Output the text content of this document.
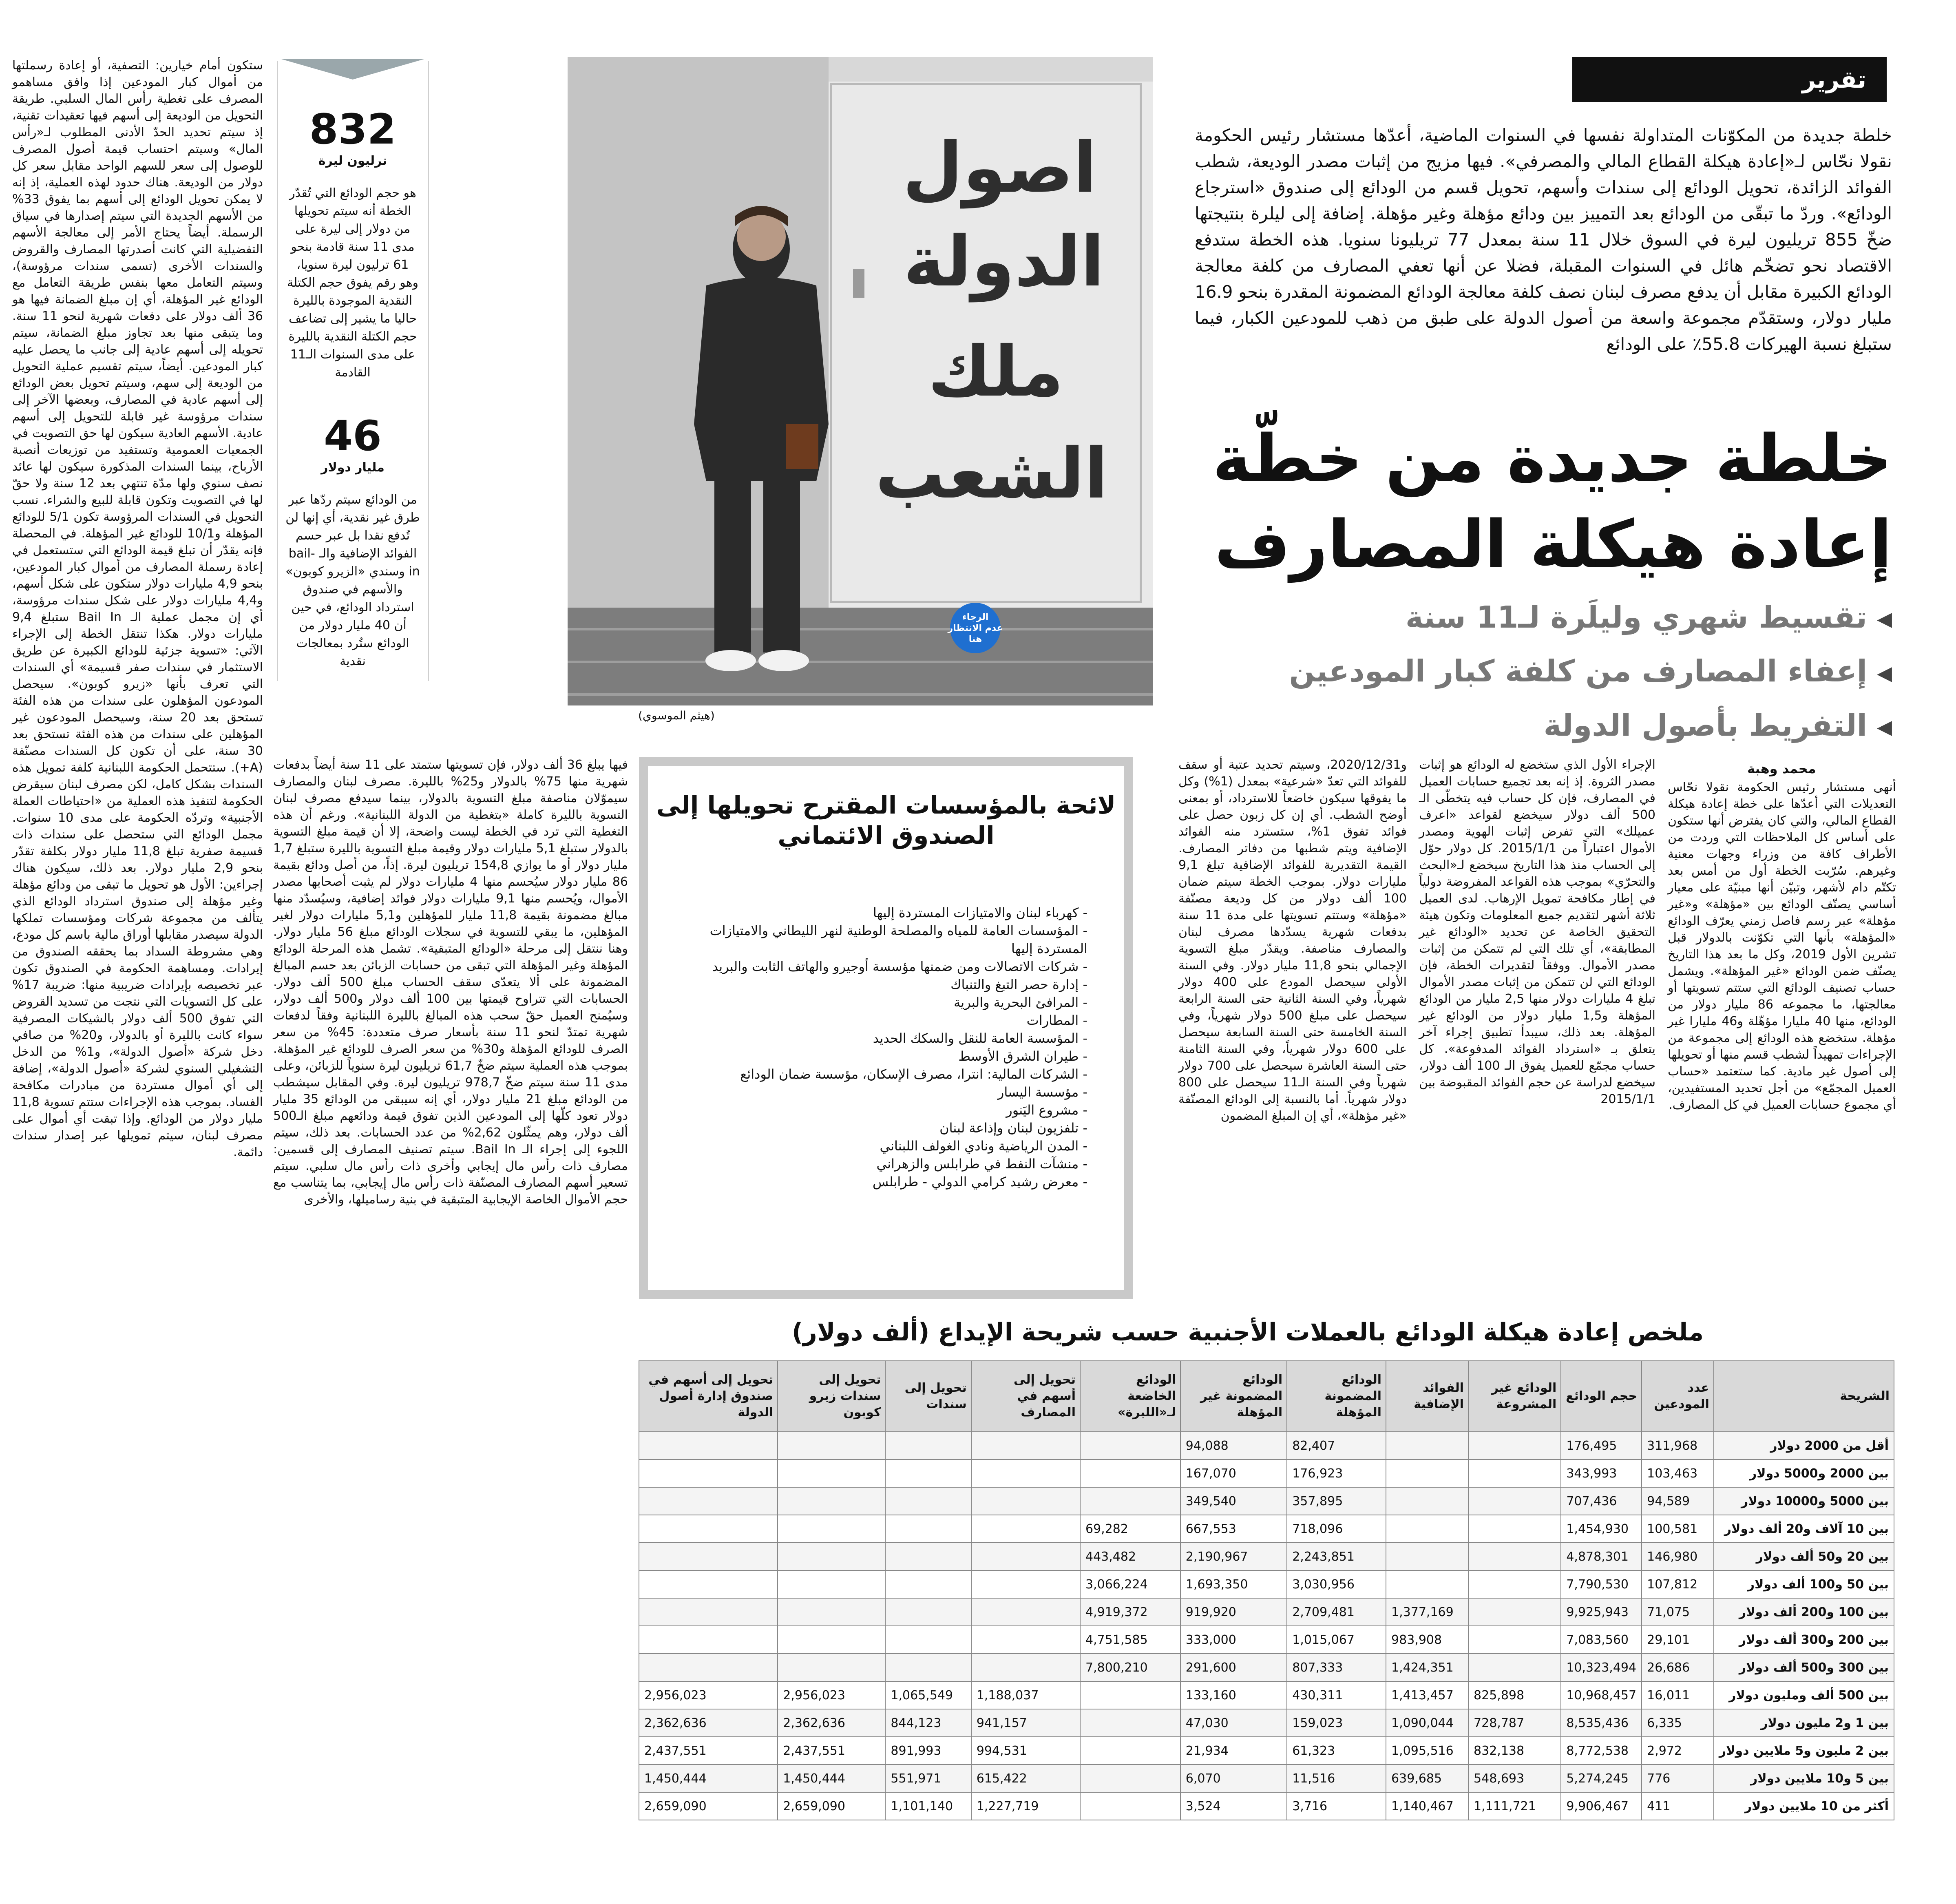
تقرير
خلطة جديدة من المكوّنات المتداولة نفسها في السنوات الماضية، أعدّها مستشار رئيس الحكومة نقولا نحّاس لـ«إعادة هيكلة القطاع المالي والمصرفي». فيها مزيج من إثبات مصدر الوديعة، شطب الفوائد الزائدة، تحويل الودائع إلى سندات وأسهم، تحويل قسم من الودائع إلى صندوق «استرجاع الودائع». وردّ ما تبقّى من الودائع بعد التمييز بين ودائع مؤهلة وغير مؤهلة. إضافة إلى ليلرة بنتيجتها ضخّ 855 تريليون ليرة في السوق خلال 11 سنة بمعدل 77 تريليونا سنويا. هذه الخطة ستدفع الاقتصاد نحو تضخّم هائل في السنوات المقبلة، فضلا عن أنها تعفي المصارف من كلفة معالجة الودائع الكبيرة مقابل أن يدفع مصرف لبنان نصف كلفة معالجة الودائع المضمونة المقدرة بنحو 16.9 مليار دولار، وستقدّم مجموعة واسعة من أصول الدولة على طبق من ذهب للمودعين الكبار، فيما ستبلغ نسبة الهيركات 55.8٪ على الودائع
خلطة جديدة من خطّة
إعادة هيكلة المصارف
◀تقسيط شهري وليلَرة لـ11 سنة
◀إعفاء المصارف من كلفة كبار المودعين
◀التفريط بأصول الدولة
اصول
الدولة
ملك
الشعب
الرجاء
عدم الانتظار
هنا
(هيثم الموسوي)
832
ترليون ليرة
هو حجم الودائع التي تُقدّر الخطة أنه سيتم تحويلها من دولار إلى ليرة على مدى 11 سنة قادمة بنحو 61 ترليون ليرة سنويا، وهو رقم يفوق حجم الكتلة النقدية الموجودة بالليرة حاليا ما يشير إلى تضاعف حجم الكتلة النقدية بالليرة على مدى السنوات الـ11 القادمة
46
مليار دولار
من الودائع سيتم ردّها عبر طرق غير نقدية، أي إنها لن تُدفع نقدا بل عبر حسم الفوائد الإضافية والـ bail-in وسندي «الزيرو كوبون» والأسهم في صندوق استرداد الودائع، في حين أن 40 مليار دولار من الودائع ستُرد بمعالجات نقدية
ستكون أمام خيارين: التصفية، أو إعادة رسملتها من أموال كبار المودعين إذا وافق مساهمو المصرف على تغطية رأس المال السلبي. طريقة التحويل من الوديعة إلى أسهم فيها تعقيدات تقنية، إذ سيتم تحديد الحدّ الأدنى المطلوب لـ«رأس المال» وسيتم احتساب قيمة أصول المصرف للوصول إلى سعر للسهم الواحد مقابل سعر كل دولار من الوديعة. هناك حدود لهذه العملية، إذ إنه لا يمكن تحويل الودائع إلى أسهم بما يفوق 33% من الأسهم الجديدة التي سيتم إصدارها في سياق الرسملة. أيضاً يحتاج الأمر إلى معالجة الأسهم التفضيلية التي كانت أصدرتها المصارف والقروض والسندات الأخرى (تسمى سندات مرؤوسة)، وسيتم التعامل معها بنفس طريقة التعامل مع الودائع غير المؤهلة، أي إن مبلغ الضمانة فيها هو 36 ألف دولار على دفعات شهرية لنحو 11 سنة. وما يتبقى منها بعد تجاوز مبلغ الضمانة، سيتم تحويله إلى أسهم عادية إلى جانب ما يحصل عليه كبار المودعين. أيضاً، سيتم تقسيم عملية التحويل من الوديعة إلى سهم، وسيتم تحويل بعض الودائع إلى أسهم عادية في المصارف، وبعضها الآخر إلى سندات مرؤوسة غير قابلة للتحويل إلى أسهم عادية. الأسهم العادية سيكون لها حق التصويت في الجمعيات العمومية وتستفيد من توزيعات أنصبة الأرباح، بينما السندات المذكورة سيكون لها عائد نصف سنوي ولها مدّة تنتهي بعد 12 سنة ولا حقّ لها في التصويت وتكون قابلة للبيع والشراء. نسب التحويل في السندات المرؤوسة تكون 5/1 للودائع المؤهلة و10/1 للودائع غير المؤهلة. في المحصلة فإنه يقدّر أن تبلغ قيمة الودائع التي ستستعمل في إعادة رسملة المصارف من أموال كبار المودعين، بنحو 4,9 مليارات دولار ستكون على شكل أسهم، و4,4 مليارات دولار على شكل سندات مرؤوسة، أي إن مجمل عملية الـ Bail In ستبلغ 9,4 مليارات دولار. هكذا تنتقل الخطة إلى الإجراء الآتي: «تسوية جزئية للودائع الكبيرة عن طريق الاستثمار في سندات صفر قسيمة» أي السندات التي تعرف بأنها «زيرو كوبون». سيحصل المودعون المؤهلون على سندات من هذه الفئة تستحق بعد 20 سنة، وسيحصل المودعون غير المؤهلين على سندات من هذه الفئة تستحق بعد 30 سنة، على أن تكون كل السندات مصنّفة (A+). ستتحمل الحكومة اللبنانية كلفة تمويل هذه السندات بشكل كامل، لكن مصرف لبنان سيقرض الحكومة لتنفيذ هذه العملية من «احتياطات العملة الأجنبية» وتردّه الحكومة على مدى 10 سنوات. مجمل الودائع التي ستحصل على سندات ذات قسيمة صفرية تبلغ 11,8 مليار دولار بكلفة تقدّر بنحو 2,9 مليار دولار. بعد ذلك، سيكون هناك إجراءين: الأول هو تحويل ما تبقى من ودائع مؤهلة وغير مؤهلة إلى صندوق استرداد الودائع الذي يتألف من مجموعة شركات ومؤسسات تملكها الدولة سيصدر مقابلها أوراق مالية باسم كل مودع، وهي مشروطة السداد بما يحققه الصندوق من إيرادات. ومساهمة الحكومة في الصندوق تكون عبر تخصيصه بإيرادات ضريبية منها: ضريبة 17% على كل التسويات التي نتجت من تسديد القروض التي تفوق 500 ألف دولار بالشيكات المصرفية سواء كانت بالليرة أو بالدولار، و20% من صافي دخل شركة «أصول الدولة»، و1% من الدخل التشغيلي السنوي لشركة «أصول الدولة»، إضافة إلى أي أموال مستردة من مبادرات مكافحة الفساد. بموجب هذه الإجراءات ستتم تسوية 11,8 مليار دولار من الودائع. وإذا تبقت أي أموال على مصرف لبنان، سيتم تمويلها عبر إصدار سندات دائمة.
فيها يبلغ 36 ألف دولار، فإن تسويتها ستمتد على 11 سنة أيضاً بدفعات شهرية منها 75% بالدولار و25% بالليرة. مصرف لبنان والمصارف سيموّلان مناصفة مبلغ التسوية بالدولار، بينما سيدفع مصرف لبنان التسوية بالليرة كاملة «بتغطية من الدولة اللبنانية». ورغم أن هذه التغطية التي ترد في الخطة ليست واضحة، إلا أن قيمة مبلغ التسوية بالدولار ستبلغ 5,1 مليارات دولار وقيمة مبلغ التسوية بالليرة ستبلغ 1,7 مليار دولار أو ما يوازي 154,8 تريليون ليرة. إذاً، من أصل ودائع بقيمة 86 مليار دولار سيُحسم منها 4 مليارات دولار لم يثبت أصحابها مصدر الأموال، ويُحسم منها 9,1 مليارات دولار فوائد إضافية، وسيُسدّد منها مبالغ مضمونة بقيمة 11,8 مليار للمؤهلين و5,1 مليارات دولار لغير المؤهلين، ما يبقي للتسوية في سجلات الودائع مبلغ 56 مليار دولار. وهنا ننتقل إلى مرحلة «الودائع المتبقية». تشمل هذه المرحلة الودائع المؤهلة وغير المؤهلة التي تبقى من حسابات الزبائن بعد حسم المبالغ المضمونة على ألا يتعدّى سقف الحساب مبلغ 500 ألف دولار. الحسابات التي تتراوح قيمتها بين 100 ألف دولار و500 ألف دولار، وسيُمنح العميل حقّ سحب هذه المبالغ بالليرة اللبنانية وفقاً لدفعات شهرية تمتدّ لنحو 11 سنة بأسعار صرف متعددة: 45% من سعر الصرف للودائع المؤهلة و30% من سعر الصرف للودائع غير المؤهلة. بموجب هذه العملية سيتم ضخّ 61,7 تريليون ليرة سنوياً للزبائن، وعلى مدى 11 سنة سيتم ضخّ 978,7 تريليون ليرة. وفي المقابل سيشطب من الودائع مبلغ 21 مليار دولار، أي إنه سيبقى من الودائع 35 مليار دولار تعود كلّها إلى المودعين الذين تفوق قيمة ودائعهم مبلغ الـ500 ألف دولار، وهم يمثّلون 2,62% من عدد الحسابات. بعد ذلك، سيتم اللجوء إلى إجراء الـ Bail In. سيتم تصنيف المصارف إلى قسمين: مصارف ذات رأس مال إيجابي وأخرى ذات رأس مال سلبي. سيتم تسعير أسهم المصارف المصنّفة ذات رأس مال إيجابي، بما يتناسب مع حجم الأموال الخاصة الإيجابية المتبقية في بنية رساميلها، والأخرى
و2020/12/31، وسيتم تحديد عتبة أو سقف للفوائد التي تعدّ «شرعية» بمعدل (1%) وكل ما يفوقها سيكون خاضعاً للاسترداد، أو بمعنى أوضح الشطب. أي إن كل زبون حصل على فوائد تفوق 1%، ستسترد منه الفوائد الإضافية ويتم شطبها من دفاتر المصارف. القيمة التقديرية للفوائد الإضافية تبلغ 9,1 مليارات دولار. بموجب الخطة سيتم ضمان 100 ألف دولار من كل وديعة مصنّفة «مؤهلة» وستتم تسويتها على مدة 11 سنة بدفعات شهرية يسدّدها مصرف لبنان والمصارف مناصفة. ويقدّر مبلغ التسوية الإجمالي بنحو 11,8 مليار دولار. وفي السنة الأولى سيحصل المودع على 400 دولار شهرياً، وفي السنة الثانية حتى السنة الرابعة سيحصل على مبلغ 500 دولار شهرياً، وفي السنة الخامسة حتى السنة السابعة سيحصل على 600 دولار شهرياً، وفي السنة الثامنة حتى السنة العاشرة سيحصل على 700 دولار شهرياً وفي السنة الـ11 سيحصل على 800 دولار شهرياً. أما بالنسبة إلى الودائع المصنّفة «غير مؤهلة»، أي إن المبلغ المضمون
الإجراء الأول الذي ستخضع له الودائع هو إثبات مصدر الثروة. إذ إنه بعد تجميع حسابات العميل في المصارف، فإن كل حساب فيه يتخطّى الـ 500 ألف دولار سيخضع لقواعد «اعرف عميلك» التي تفرض إثبات الهوية ومصدر الأموال اعتباراً من 2015/1/1. كل دولار حوّل إلى الحساب منذ هذا التاريخ سيخضع لـ«البحث والتحرّي» بموجب هذه القواعد المفروضة دولياً في إطار مكافحة تمويل الإرهاب. لدى العميل ثلاثة أشهر لتقديم جميع المعلومات وتكون هيئة التحقيق الخاصة عن تحديد «الودائع غير المطابقة»، أي تلك التي لم تتمكن من إثبات مصدر الأموال. ووفقاً لتقديرات الخطة، فإن الودائع التي لن تتمكن من إثبات مصدر الأموال تبلغ 4 مليارات دولار منها 2,5 مليار من الودائع المؤهلة و1,5 مليار دولار من الودائع غير المؤهلة. بعد ذلك، سيبدأ تطبيق إجراء آخر يتعلق بـ «استرداد الفوائد المدفوعة». كل حساب مجمّع للعميل يفوق الـ 100 ألف دولار، سيخضع لدراسة عن حجم الفوائد المقبوضة بين 2015/1/1
محمد وهبة
أنهى مستشار رئيس الحكومة نقولا نحّاس التعديلات التي أعدّها على خطة إعادة هيكلة القطاع المالي، والتي كان يفترض أنها ستكون على أساس كل الملاحظات التي وردت من الأطراف كافة من وزراء وجهات معنية وغيرهم. سُرّبت الخطة أول من أمس بعد تكتّم دام لأشهر، وتبيّن أنها مبنيّة على معيار أساسي يصنّف الودائع بين «مؤهلة» و«غير مؤهلة» عبر رسم فاصل زمني يعرّف الودائع «المؤهلة» بأنها التي تكوّنت بالدولار قبل تشرين الأول 2019، وكل ما بعد هذا التاريخ يصنّف ضمن الودائع «غير المؤهلة». ويشمل حساب تصنيف الودائع التي ستتم تسويتها أو معالجتها، ما مجموعه 86 مليار دولار من الودائع، منها 40 مليارا مؤهّلة و46 مليارا غير مؤهلة. ستخضع هذه الودائع إلى مجموعة من الإجراءات تمهيداً لشطب قسم منها أو تحويلها إلى أصول غير مادية. كما ستعتمد «حساب العميل المجمّع» من أجل تحديد المستفيدين، أي مجموع حسابات العميل في كل المصارف.
لائحة بالمؤسسات المقترح تحويلها إلى الصندوق الائتماني
- كهرباء لبنان والامتيازات المستردة إليها
- المؤسسات العامة للمياه والمصلحة الوطنية لنهر الليطاني والامتيازات المستردة إليها
- شركات الاتصالات ومن ضمنها مؤسسة أوجيرو والهاتف الثابت والبريد
- إدارة حصر التبغ والتنباك
- المرافئ البحرية والبرية
- المطارات
- المؤسسة العامة للنقل والسكك الحديد
- طيران الشرق الأوسط
- الشركات المالية: انترا، مصرف الإسكان، مؤسسة ضمان الودائع
- مؤسسة اليسار
- مشروع اليَنور
- تلفزيون لبنان وإذاعة لبنان
- المدن الرياضية ونادي الغولف اللبناني
- منشآت النفط في طرابلس والزهراني
- معرض رشيد كرامي الدولي - طرابلس
ملخص إعادة هيكلة الودائع بالعملات الأجنبية حسب شريحة الإيداع (ألف دولار)
الشريحة	عدد المودعين	حجم الودائع	الودائع غير المشروعة	الفوائد الإضافية	الودائع المضمونة المؤهلة	الودائع المضمونة غير المؤهلة	الودائع الخاضعة لـ«الليرة»	تحويل إلى أسهم في المصارف	تحويل إلى سندات	تحويل إلى سندات زيرو كوبون	تحويل إلى أسهم في صندوق إدارة أصول الدولة
أقل من 2000 دولار	311,968	176,495			82,407	94,088					
بين 2000 و5000 دولار	103,463	343,993			176,923	167,070					
بين 5000 و10000 دولار	94,589	707,436			357,895	349,540					
بين 10 آلاف و20 ألف دولار	100,581	1,454,930			718,096	667,553	69,282				
بين 20 و50 ألف دولار	146,980	4,878,301			2,243,851	2,190,967	443,482				
بين 50 و100 ألف دولار	107,812	7,790,530			3,030,956	1,693,350	3,066,224				
بين 100 و200 ألف دولار	71,075	9,925,943		1,377,169	2,709,481	919,920	4,919,372				
بين 200 و300 ألف دولار	29,101	7,083,560		983,908	1,015,067	333,000	4,751,585				
بين 300 و500 ألف دولار	26,686	10,323,494		1,424,351	807,333	291,600	7,800,210				
بين 500 ألف ومليون دولار	16,011	10,968,457	825,898	1,413,457	430,311	133,160		1,188,037	1,065,549	2,956,023	2,956,023
بين 1 و2 مليون دولار	6,335	8,535,436	728,787	1,090,044	159,023	47,030		941,157	844,123	2,362,636	2,362,636
بين 2 مليون و5 ملايين دولار	2,972	8,772,538	832,138	1,095,516	61,323	21,934		994,531	891,993	2,437,551	2,437,551
بين 5 و10 ملايين دولار	776	5,274,245	548,693	639,685	11,516	6,070		615,422	551,971	1,450,444	1,450,444
أكثر من 10 ملايين دولار	411	9,906,467	1,111,721	1,140,467	3,716	3,524		1,227,719	1,101,140	2,659,090	2,659,090
